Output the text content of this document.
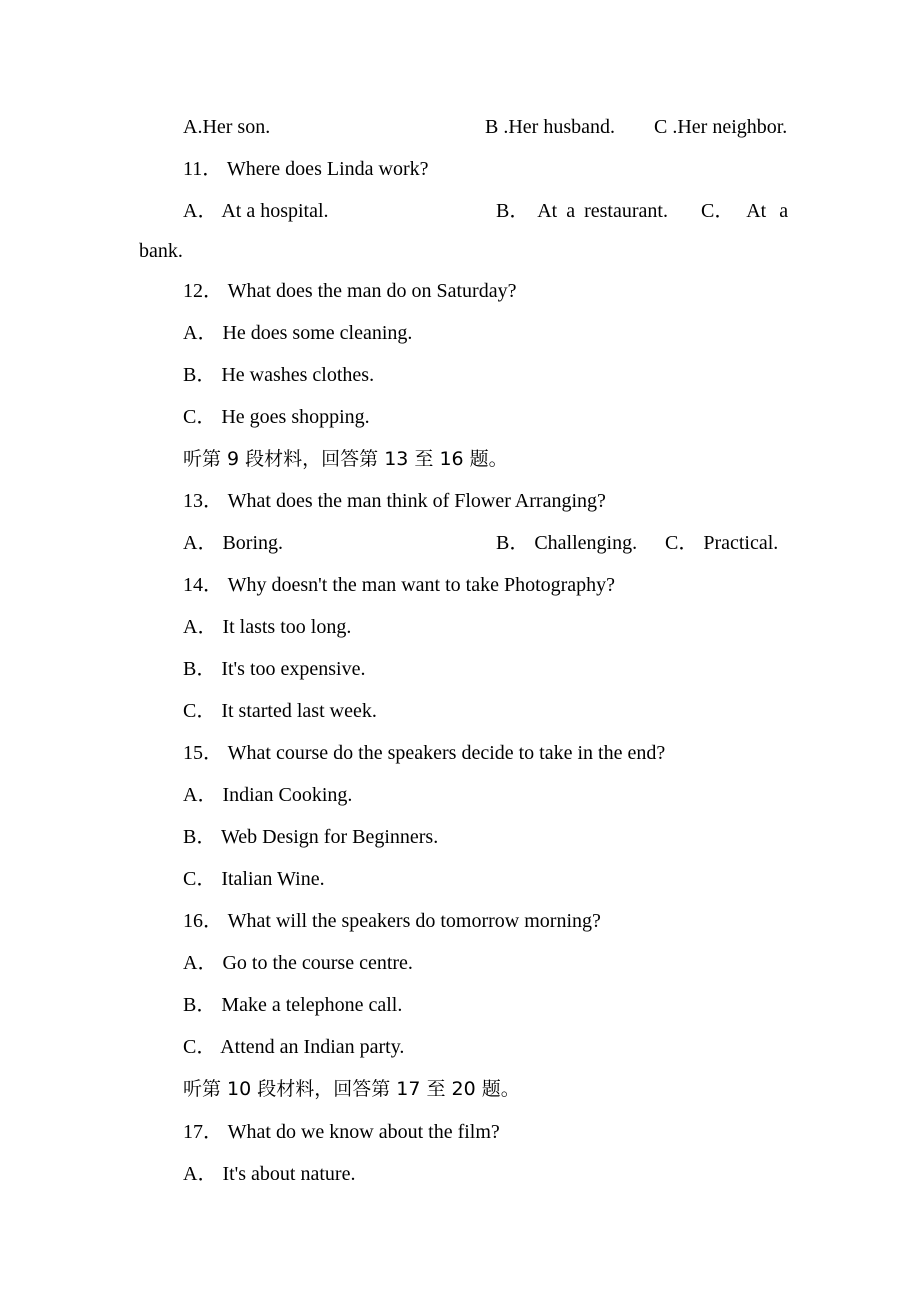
A.Her son.	B .Her husband. C .Her neighbor.
11． Where does Linda work?
A． At a hospital.	B． At a restaurant. C． At a
bank.
12． What does the man do on Saturday?
A． He does some cleaning.
B． He washes clothes.
C． He goes shopping.
听第 9 段材料，回答第 13 至 16 题。
13． What does the man think of Flower Arranging?
A． Boring.	B． Challenging. C． Practical.
14． Why doesn't the man want to take Photography?
A． It lasts too long.
B． It's too expensive.
C． It started last week.
15． What course do the speakers decide to take in the end?
A． Indian Cooking.
B． Web Design for Beginners.
C． Italian Wine.
16． What will the speakers do tomorrow morning?
A． Go to the course centre.
B． Make a telephone call.
C． Attend an Indian party.
听第 10 段材料，回答第 17 至 20 题。
17． What do we know about the film?
A． It's about nature.
